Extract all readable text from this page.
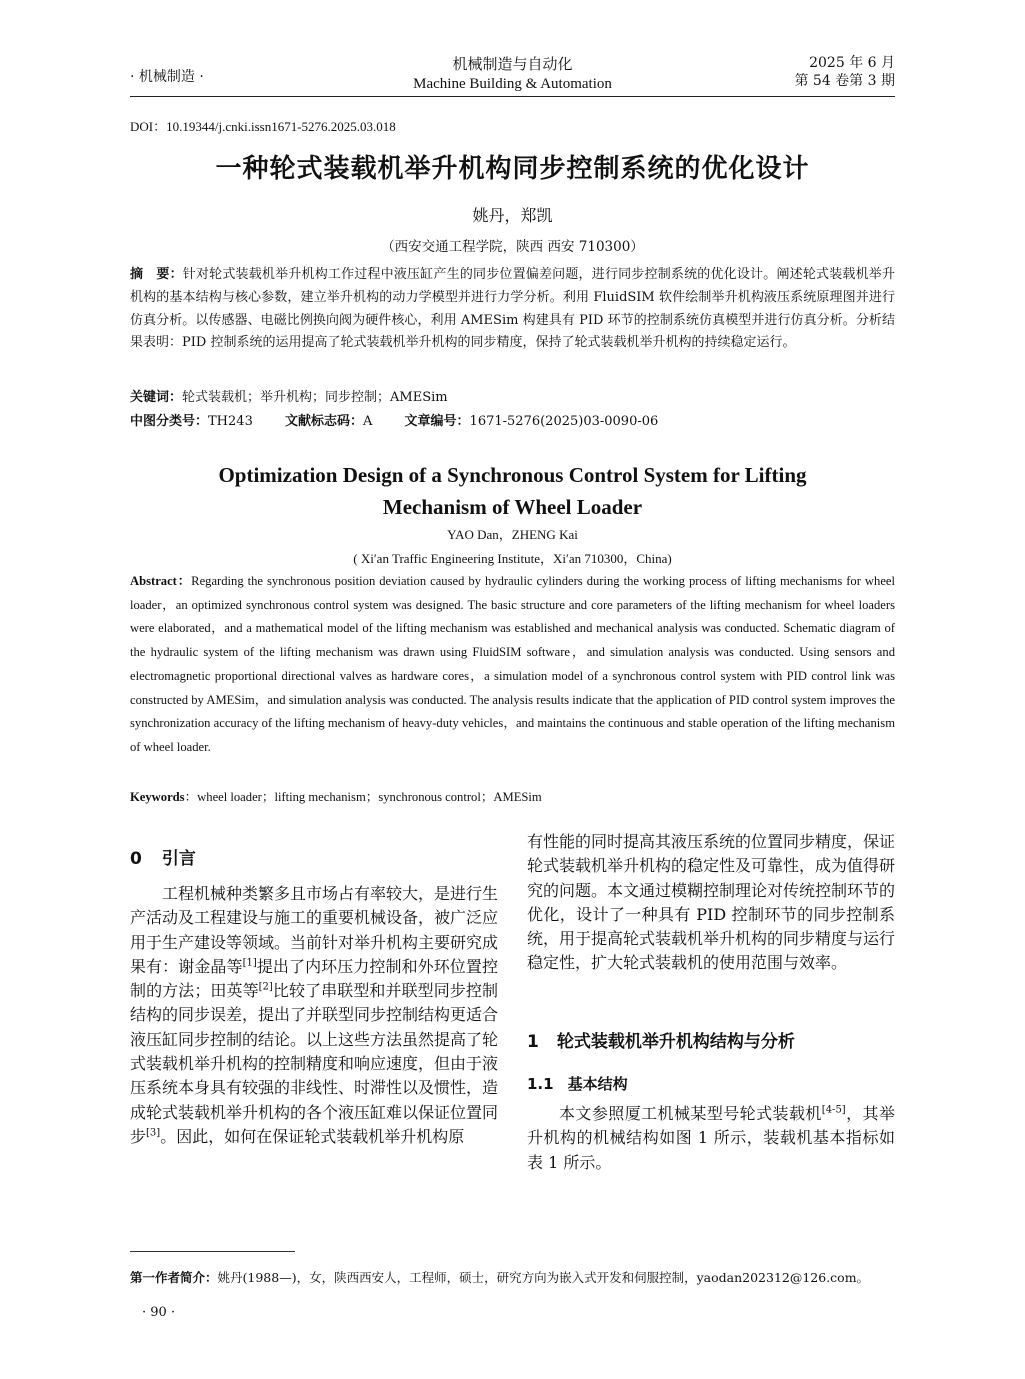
· 机械制造 ·
机械制造与自动化
Machine Building & Automation
2025 年 6 月
第 54 卷第 3 期
DOI：10.19344/j.cnki.issn1671-5276.2025.03.018
一种轮式装载机举升机构同步控制系统的优化设计
姚丹，郑凯
（西安交通工程学院，陕西 西安 710300）
摘　要：针对轮式装载机举升机构工作过程中液压缸产生的同步位置偏差问题，进行同步控制系统的优化设计。阐述轮式装载机举升机构的基本结构与核心参数，建立举升机构的动力学模型并进行力学分析。利用 FluidSIM 软件绘制举升机构液压系统原理图并进行仿真分析。以传感器、电磁比例换向阀为硬件核心，利用 AMESim 构建具有 PID 环节的控制系统仿真模型并进行仿真分析。分析结果表明：PID 控制系统的运用提高了轮式装载机举升机构的同步精度，保持了轮式装载机举升机构的持续稳定运行。
关键词：轮式装载机；举升机构；同步控制；AMESim
中图分类号：TH243 文献标志码：A 文章编号：1671-5276(2025)03-0090-06
Optimization Design of a Synchronous Control System for Lifting
Mechanism of Wheel Loader
YAO Dan，ZHENG Kai
( Xi′an Traffic Engineering Institute，Xi′an 710300，China)
Abstract：Regarding the synchronous position deviation caused by hydraulic cylinders during the working process of lifting mechanisms for wheel loader，an optimized synchronous control system was designed. The basic structure and core parameters of the lifting mechanism for wheel loaders were elaborated，and a mathematical model of the lifting mechanism was established and mechanical analysis was conducted. Schematic diagram of the hydraulic system of the lifting mechanism was drawn using FluidSIM software，and simulation analysis was conducted. Using sensors and electromagnetic proportional directional valves as hardware cores，a simulation model of a synchronous control system with PID control link was constructed by AMESim，and simulation analysis was conducted. The analysis results indicate that the application of PID control system improves the synchronization accuracy of the lifting mechanism of heavy-duty vehicles，and maintains the continuous and stable operation of the lifting mechanism of wheel loader.
Keywords：wheel loader；lifting mechanism；synchronous control；AMESim
0 引言
工程机械种类繁多且市场占有率较大，是进行生产活动及工程建设与施工的重要机械设备，被广泛应用于生产建设等领域。当前针对举升机构主要研究成果有：谢金晶等[1]提出了内环压力控制和外环位置控制的方法；田英等[2]比较了串联型和并联型同步控制结构的同步误差，提出了并联型同步控制结构更适合液压缸同步控制的结论。以上这些方法虽然提高了轮式装载机举升机构的控制精度和响应速度，但由于液压系统本身具有较强的非线性、时滞性以及惯性，造成轮式装载机举升机构的各个液压缸难以保证位置同步[3]。因此，如何在保证轮式装载机举升机构原
有性能的同时提高其液压系统的位置同步精度，保证轮式装载机举升机构的稳定性及可靠性，成为值得研究的问题。本文通过模糊控制理论对传统控制环节的优化，设计了一种具有 PID 控制环节的同步控制系统，用于提高轮式装载机举升机构的同步精度与运行稳定性，扩大轮式装载机的使用范围与效率。
1 轮式装载机举升机构结构与分析
1.1 基本结构
本文参照厦工机械某型号轮式装载机[4-5]，其举升机构的机械结构如图 1 所示，装载机基本指标如表 1 所示。
第一作者简介：姚丹(1988—)，女，陕西西安人，工程师，硕士，研究方向为嵌入式开发和伺服控制，yaodan202312@126.com。
· 90 ·
